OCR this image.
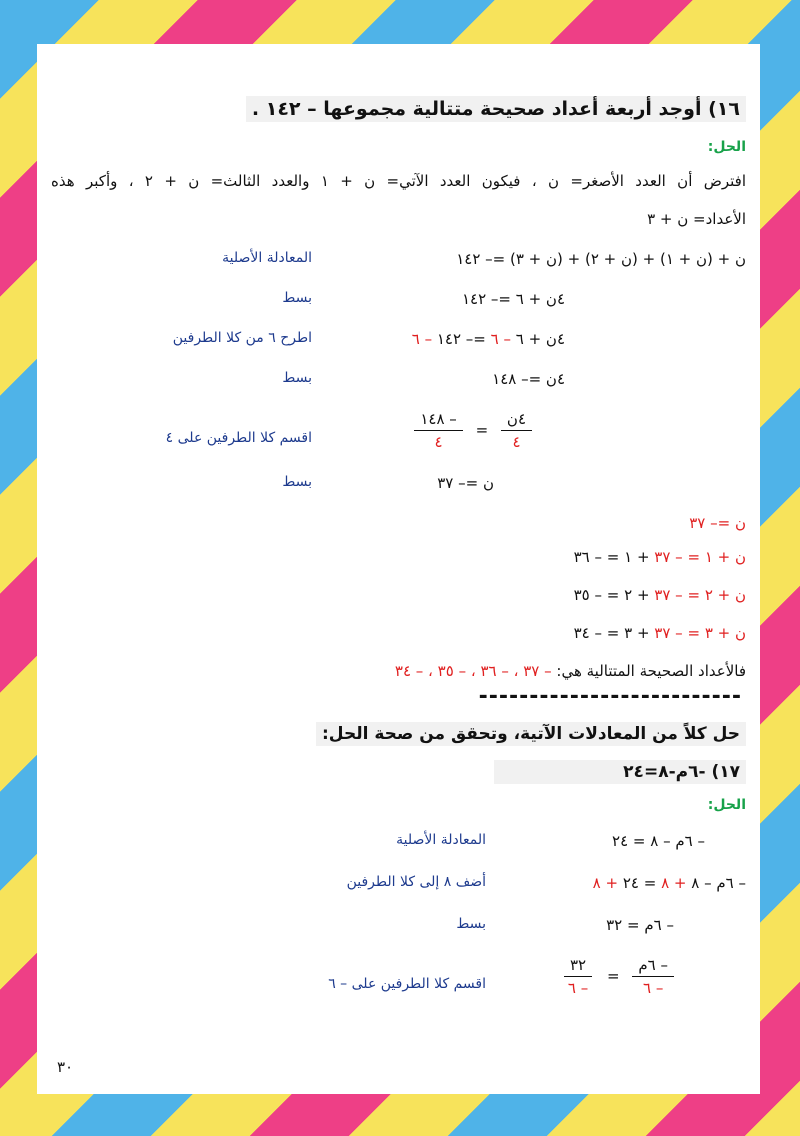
١٦) أوجد أربعة أعداد صحيحة متتالية مجموعها – ١٤٢ .
الحل:
افترض أن العدد الأصغر= ن ، فيكون العدد الآتي= ن + ١ والعدد الثالث= ن + ٢ ، وأكبر هذه
الأعداد= ن + ٣
ن + (ن + ١) + (ن + ٢) + (ن + ٣) =– ١٤٢
المعادلة الأصلية
٤ن + ٦ =– ١٤٢
بسط
٤ن + ٦ – ٦ =– ١٤٢ – ٦
اطرح ٦ من كلا الطرفين
٤ن =– ١٤٨
بسط
$\frac{\text{٤ن}}{٤}$
=
$\frac{- ١٤٨}{٤}$
اقسم كلا الطرفين على ٤
ن =– ٣٧
بسط
ن =– ٣٧
ن + ١ = – ٣٧ + ١ = – ٣٦
ن + ٢ = – ٣٧ + ٢ = – ٣٥
ن + ٣ = – ٣٧ + ٣ = – ٣٤
فالأعداد الصحيحة المتتالية هي: – ٣٧ ، – ٣٦ ، – ٣٥ ، – ٣٤
--------------------------
حل كلاً من المعادلات الآتية، وتحقق من صحة الحل:
١٧) -٦م-٨=٢٤
الحل:
– ٦م – ٨ = ٢٤
المعادلة الأصلية
– ٦م – ٨ + ٨ = ٢٤ + ٨
أضف ٨ إلى كلا الطرفين
– ٦م = ٣٢
بسط
$\frac{\text{– ٦م}}{- ٦}$
=
$\frac{٣٢}{- ٦}$
اقسم كلا الطرفين على – ٦
٣٠
